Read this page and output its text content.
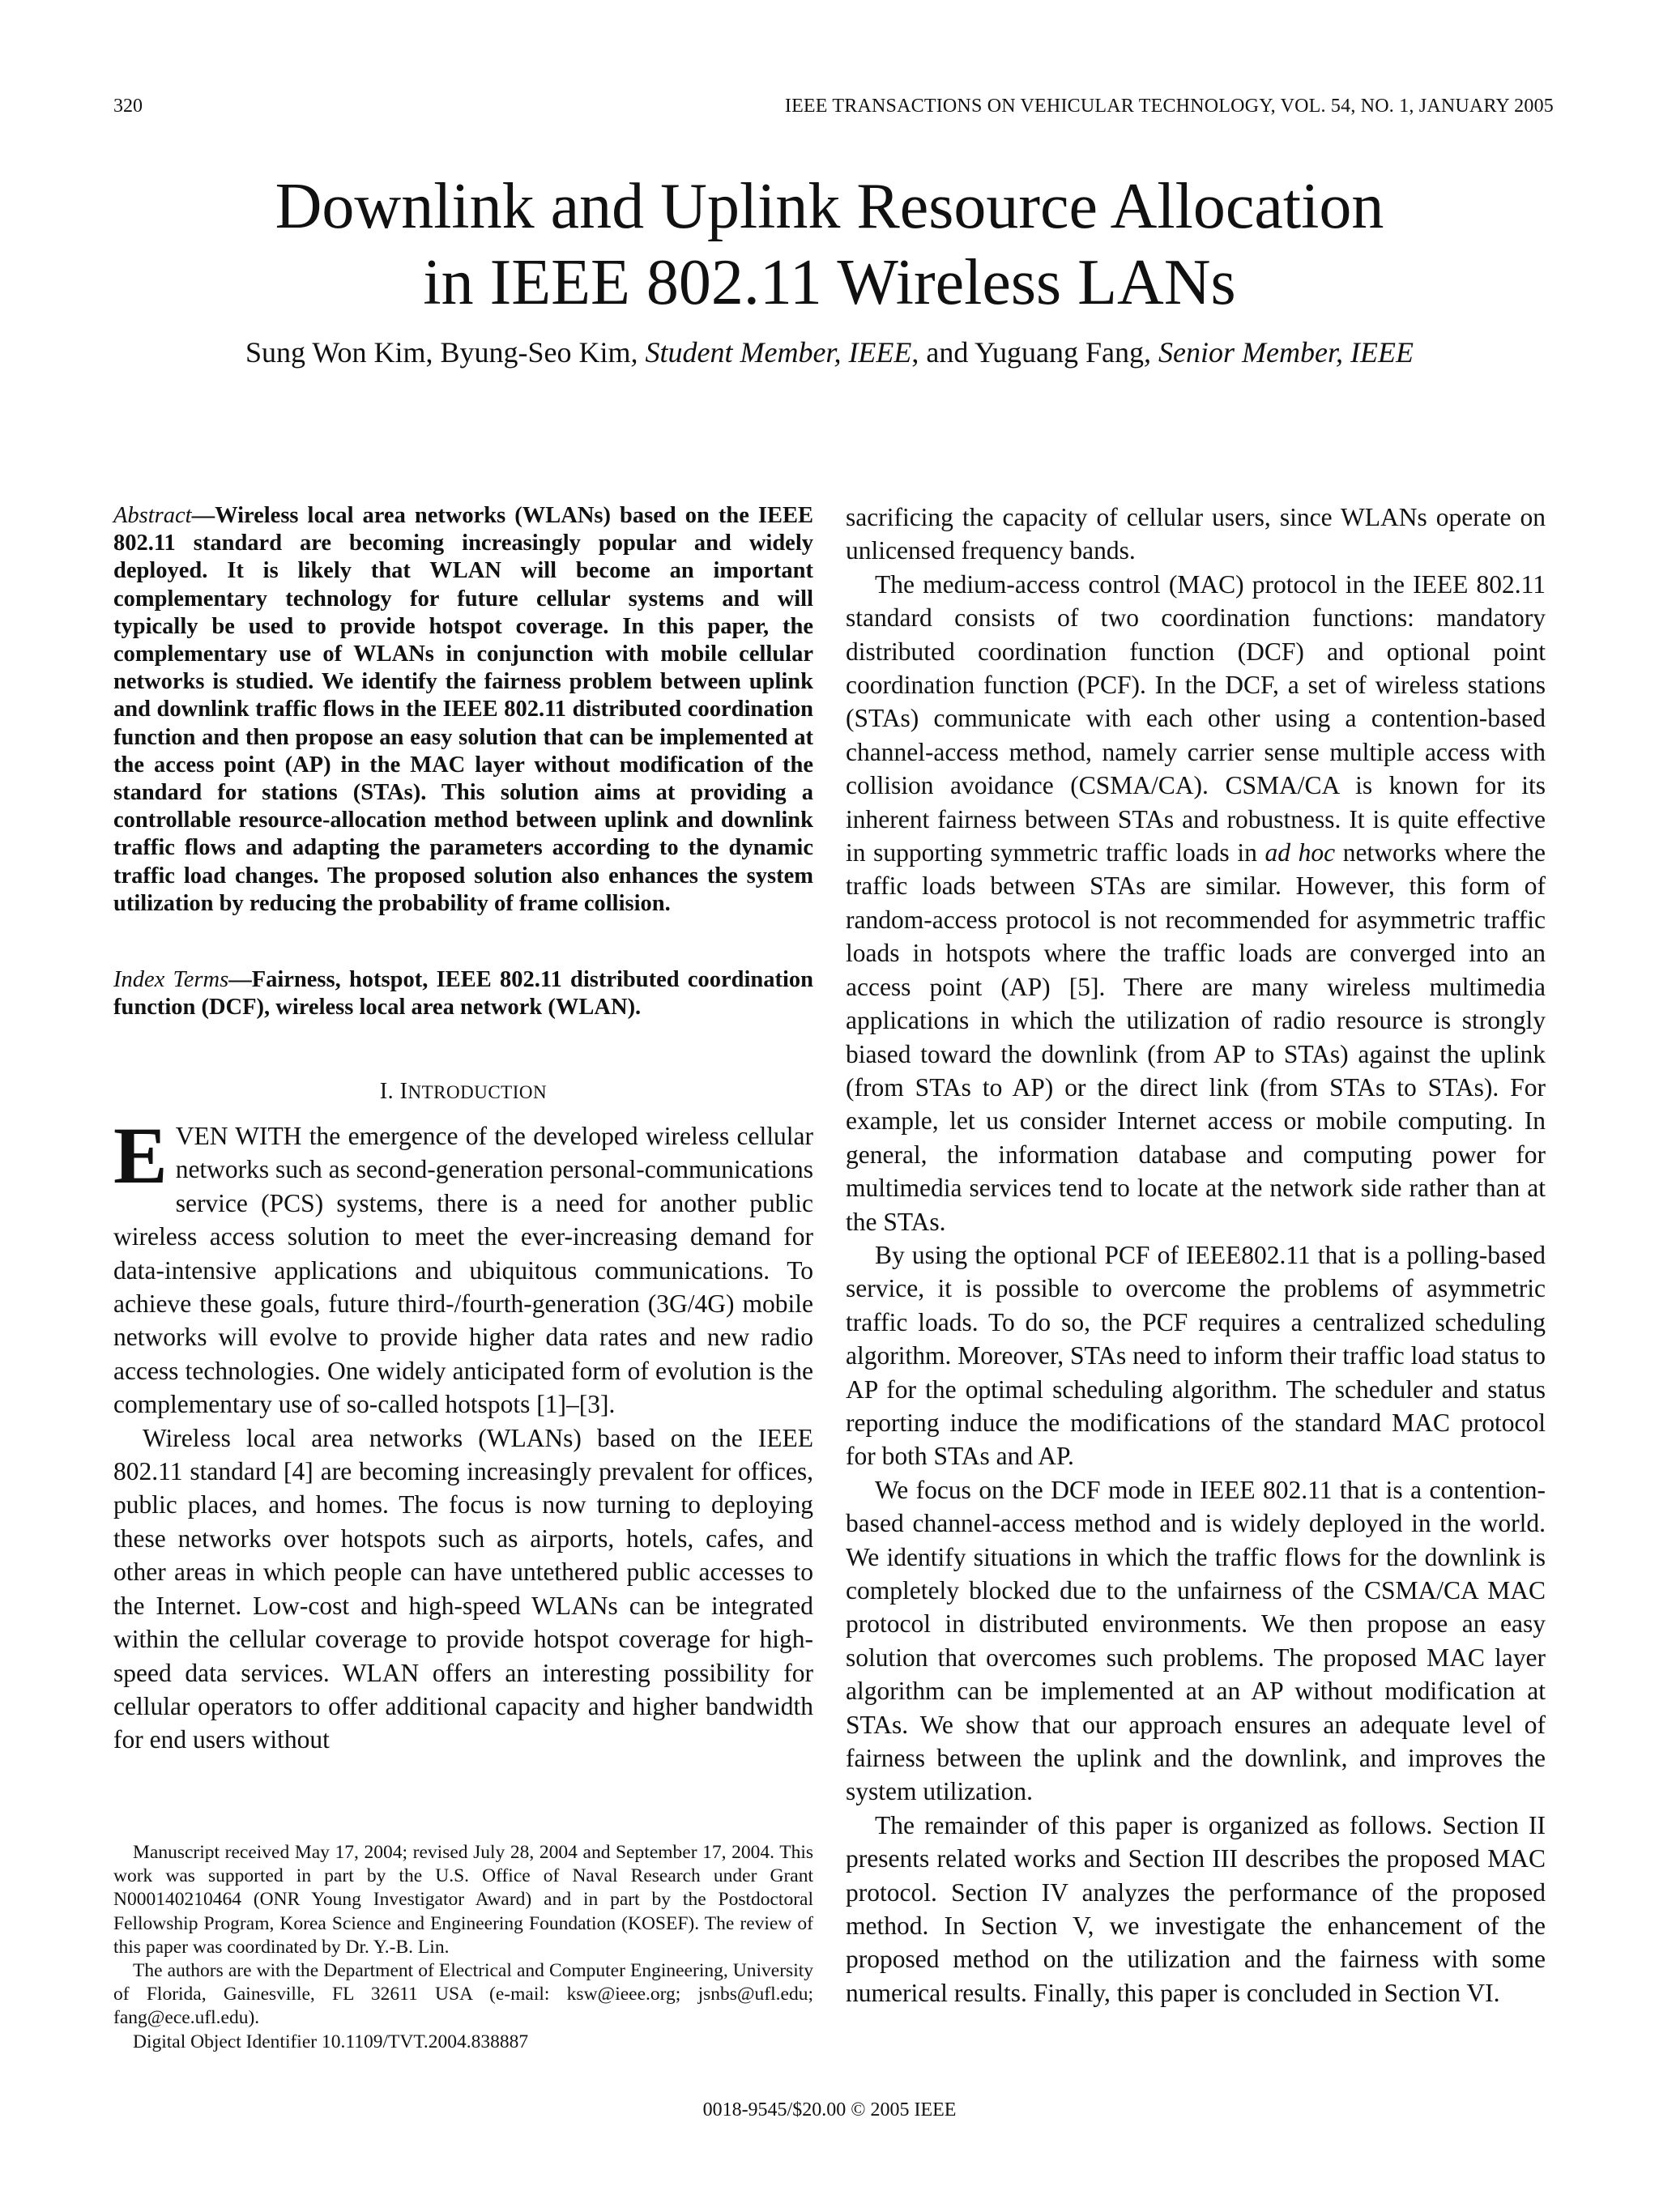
320	IEEE TRANSACTIONS ON VEHICULAR TECHNOLOGY, VOL. 54, NO. 1, JANUARY 2005
Downlink and Uplink Resource Allocation
in IEEE 802.11 Wireless LANs
Sung Won Kim, Byung-Seo Kim, Student Member, IEEE, and Yuguang Fang, Senior Member, IEEE
Abstract—Wireless local area networks (WLANs) based on the IEEE 802.11 standard are becoming increasingly popular and widely deployed. It is likely that WLAN will become an important complementary technology for future cellular systems and will typically be used to provide hotspot coverage. In this paper, the complementary use of WLANs in conjunction with mobile cellular networks is studied. We identify the fairness problem between uplink and downlink traffic flows in the IEEE 802.11 distributed coordination function and then propose an easy solution that can be implemented at the access point (AP) in the MAC layer without modification of the standard for stations (STAs). This solution aims at providing a controllable resource-allocation method between uplink and downlink traffic flows and adapting the parameters according to the dynamic traffic load changes. The proposed solution also enhances the system utilization by reducing the probability of frame collision.
Index Terms—Fairness, hotspot, IEEE 802.11 distributed coordination function (DCF), wireless local area network (WLAN).
I. INTRODUCTION

EVEN WITH the emergence of the developed wireless cellular networks such as second-generation personal-communications service (PCS) systems, there is a need for another public wireless access solution to meet the ever-increasing demand for data-intensive applications and ubiquitous communications. To achieve these goals, future third-/fourth-generation (3G/4G) mobile networks will evolve to provide higher data rates and new radio access technologies. One widely anticipated form of evolution is the complementary use of so-called hotspots [1]–[3].

Wireless local area networks (WLANs) based on the IEEE 802.11 standard [4] are becoming increasingly prevalent for offices, public places, and homes. The focus is now turning to deploying these networks over hotspots such as airports, hotels, cafes, and other areas in which people can have untethered public accesses to the Internet. Low-cost and high-speed WLANs can be integrated within the cellular coverage to provide hotspot coverage for high-speed data services. WLAN offers an interesting possibility for cellular operators to offer additional capacity and higher bandwidth for end users without

Manuscript received May 17, 2004; revised July 28, 2004 and September 17, 2004. This work was supported in part by the U.S. Office of Naval Research under Grant N000140210464 (ONR Young Investigator Award) and in part by the Postdoctoral Fellowship Program, Korea Science and Engineering Foundation (KOSEF). The review of this paper was coordinated by Dr. Y.-B. Lin.

The authors are with the Department of Electrical and Computer Engineering, University of Florida, Gainesville, FL 32611 USA (e-mail: ksw@ieee.org; jsnbs@ufl.edu; fang@ece.ufl.edu).

Digital Object Identifier 10.1109/TVT.2004.838887

sacrificing the capacity of cellular users, since WLANs operate on unlicensed frequency bands.

The medium-access control (MAC) protocol in the IEEE 802.11 standard consists of two coordination functions: mandatory distributed coordination function (DCF) and optional point coordination function (PCF). In the DCF, a set of wireless stations (STAs) communicate with each other using a contention-based channel-access method, namely carrier sense multiple access with collision avoidance (CSMA/CA). CSMA/CA is known for its inherent fairness between STAs and robustness. It is quite effective in supporting symmetric traffic loads in ad hoc networks where the traffic loads between STAs are similar. However, this form of random-access protocol is not recommended for asymmetric traffic loads in hotspots where the traffic loads are converged into an access point (AP) [5]. There are many wireless multimedia applications in which the utilization of radio resource is strongly biased toward the downlink (from AP to STAs) against the uplink (from STAs to AP) or the direct link (from STAs to STAs). For example, let us consider Internet access or mobile computing. In general, the information database and computing power for multimedia services tend to locate at the network side rather than at the STAs.

By using the optional PCF of IEEE802.11 that is a polling-based service, it is possible to overcome the problems of asymmetric traffic loads. To do so, the PCF requires a centralized scheduling algorithm. Moreover, STAs need to inform their traffic load status to AP for the optimal scheduling algorithm. The scheduler and status reporting induce the modifications of the standard MAC protocol for both STAs and AP.

We focus on the DCF mode in IEEE 802.11 that is a contention-based channel-access method and is widely deployed in the world. We identify situations in which the traffic flows for the downlink is completely blocked due to the unfairness of the CSMA/CA MAC protocol in distributed environments. We then propose an easy solution that overcomes such problems. The proposed MAC layer algorithm can be implemented at an AP without modification at STAs. We show that our approach ensures an adequate level of fairness between the uplink and the downlink, and improves the system utilization.

The remainder of this paper is organized as follows. Section II presents related works and Section III describes the proposed MAC protocol. Section IV analyzes the performance of the proposed method. In Section V, we investigate the enhancement of the proposed method on the utilization and the fairness with some numerical results. Finally, this paper is concluded in Section VI.

0018-9545/$20.00 © 2005 IEEE
